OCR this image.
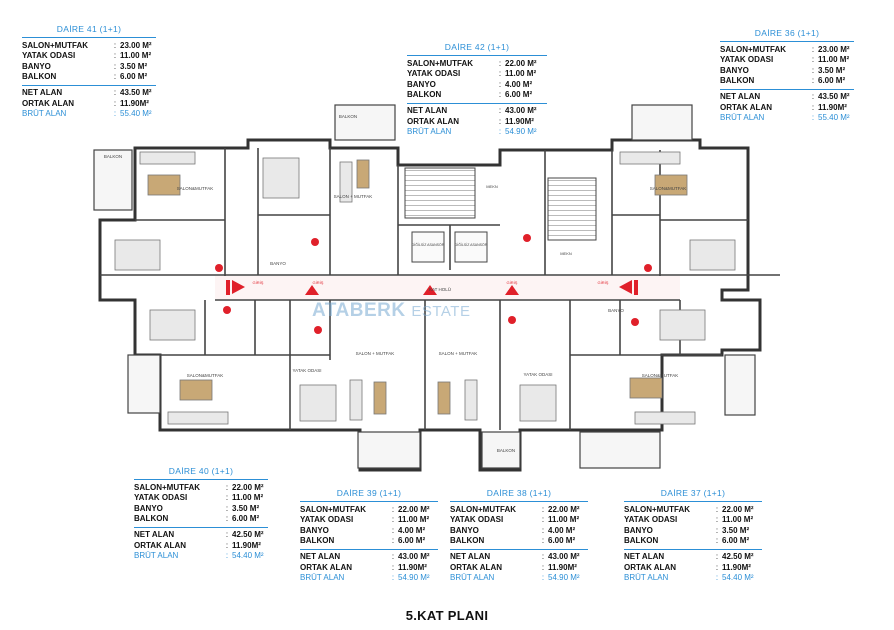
KAT HOLÜ
GİRİŞ	GİRİŞ	GİRİŞ	GİRİŞ
DİĞİLSİZ ASANSÖR	DİĞİLSİZ ASANSÖR
MEKN
MEKN
SALON&MUTFAK	SALON&MUTFAK
SALON&MUTFAK	SALON&MUTFAK
SALON + MUTFAK
SALON + MUTFAK	SALON + MUTFAK
BANYO
BANYO
YATAK ODASI
YATAK ODASI
BALKON
BALKON
BALKON
ATABERK ESTATE
DAİRE 41 (1+1)
SALON+MUTFAK	: 23.00 M²
YATAK ODASI	: 11.00 M²
BANYO	: 3.50 M²
BALKON	: 6.00 M²
NET ALAN	: 43.50 M²
ORTAK ALAN	: 11.90M²
BRÜT ALAN	: 55.40 M²
DAİRE 42 (1+1)
SALON+MUTFAK	: 22.00 M²
YATAK ODASI	: 11.00 M²
BANYO	: 4.00 M²
BALKON	: 6.00 M²
NET ALAN	: 43.00 M²
ORTAK ALAN	: 11.90M²
BRÜT ALAN	: 54.90 M²
DAİRE 36 (1+1)
SALON+MUTFAK	: 23.00 M²
YATAK ODASI	: 11.00 M²
BANYO	: 3.50 M²
BALKON	: 6.00 M²
NET ALAN	: 43.50 M²
ORTAK ALAN	: 11.90M²
BRÜT ALAN	: 55.40 M²
DAİRE 40 (1+1)
SALON+MUTFAK	: 22.00 M²
YATAK ODASI	: 11.00 M²
BANYO	: 3.50 M²
BALKON	: 6.00 M²
NET ALAN	: 42.50 M²
ORTAK ALAN	: 11.90M²
BRÜT ALAN	: 54.40 M²
DAİRE 39 (1+1)
SALON+MUTFAK	: 22.00 M²
YATAK ODASI	: 11.00 M²
BANYO	: 4.00 M²
BALKON	: 6.00 M²
NET ALAN	: 43.00 M²
ORTAK ALAN	: 11.90M²
BRÜT ALAN	: 54.90 M²
DAİRE 38 (1+1)
SALON+MUTFAK	: 22.00 M²
YATAK ODASI	: 11.00 M²
BANYO	: 4.00 M²
BALKON	: 6.00 M²
NET ALAN	: 43.00 M²
ORTAK ALAN	: 11.90M²
BRÜT ALAN	: 54.90 M²
DAİRE 37 (1+1)
SALON+MUTFAK	: 22.00 M²
YATAK ODASI	: 11.00 M²
BANYO	: 3.50 M²
BALKON	: 6.00 M²
NET ALAN	: 42.50 M²
ORTAK ALAN	: 11.90M²
BRÜT ALAN	: 54.40 M²
5.KAT PLANI
